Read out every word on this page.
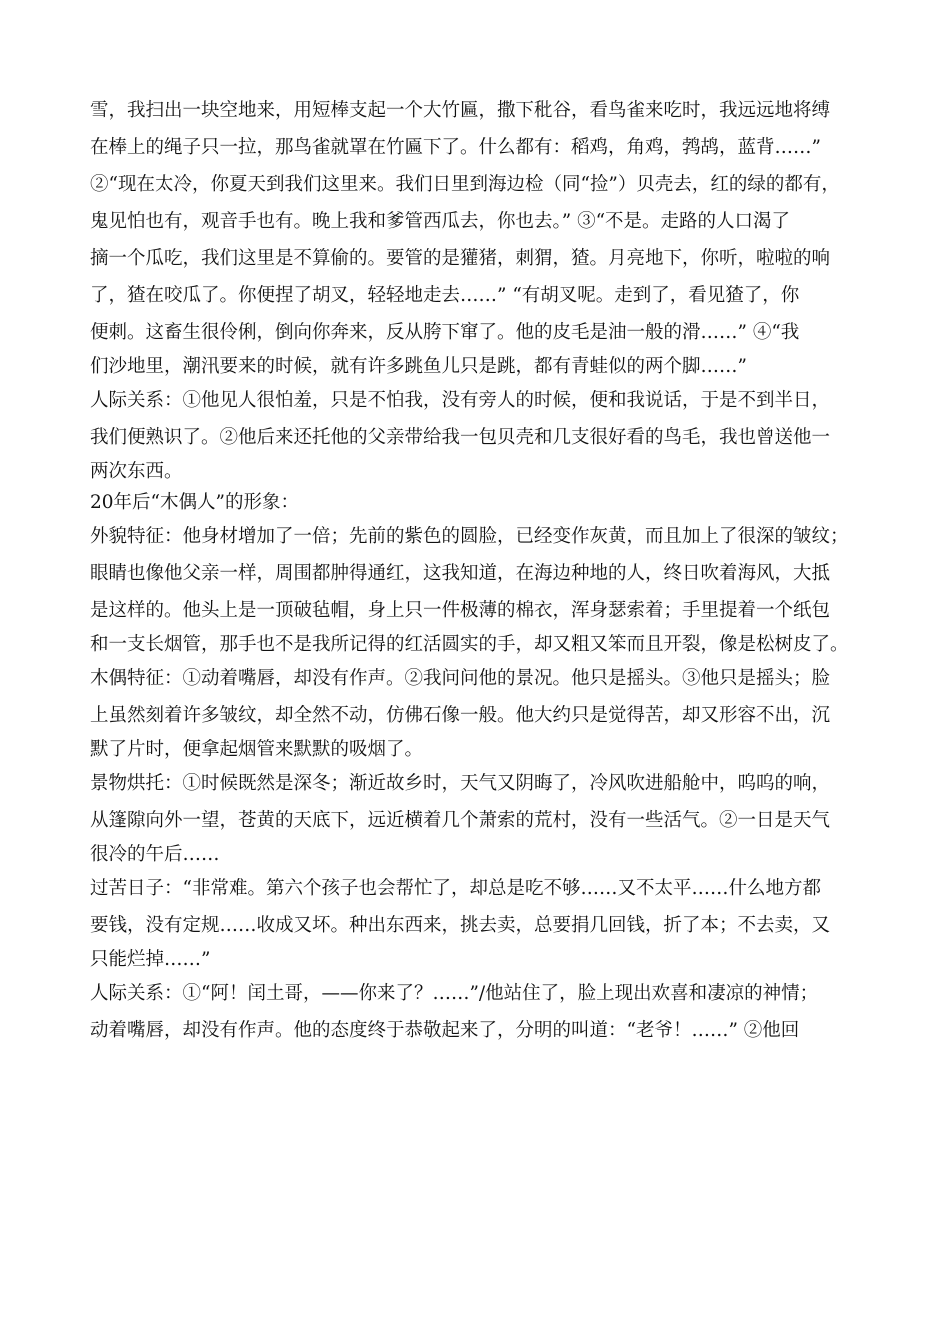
雪，我扫出一块空地来，用短棒支起一个大竹匾，撒下秕谷，看鸟雀来吃时，我远远地将缚
在棒上的绳子只一拉，那鸟雀就罩在竹匾下了。什么都有：稻鸡，角鸡，鹁鸪，蓝背……”
②“现在太冷，你夏天到我们这里来。我们日里到海边检（同“捡”）贝壳去，红的绿的都有，
鬼见怕也有，观音手也有。晚上我和爹管西瓜去，你也去。” ③“不是。走路的人口渴了
摘一个瓜吃，我们这里是不算偷的。要管的是獾猪，刺猬，猹。月亮地下，你听，啦啦的响
了，猹在咬瓜了。你便捏了胡叉，轻轻地走去……” “有胡叉呢。走到了，看见猹了，你
便刺。这畜生很伶俐，倒向你奔来，反从胯下窜了。他的皮毛是油一般的滑……” ④“我
们沙地里，潮汛要来的时候，就有许多跳鱼儿只是跳，都有青蛙似的两个脚……”
人际关系：①他见人很怕羞，只是不怕我，没有旁人的时候，便和我说话，于是不到半日，
我们便熟识了。②他后来还托他的父亲带给我一包贝壳和几支很好看的鸟毛，我也曾送他一
两次东西。
20年后“木偶人”的形象：
外貌特征：他身材增加了一倍；先前的紫色的圆脸，已经变作灰黄，而且加上了很深的皱纹；
眼睛也像他父亲一样，周围都肿得通红，这我知道，在海边种地的人，终日吹着海风，大抵
是这样的。他头上是一顶破毡帽，身上只一件极薄的棉衣，浑身瑟索着；手里提着一个纸包
和一支长烟管，那手也不是我所记得的红活圆实的手，却又粗又笨而且开裂，像是松树皮了。
木偶特征：①动着嘴唇，却没有作声。②我问问他的景况。他只是摇头。③他只是摇头；脸
上虽然刻着许多皱纹，却全然不动，仿佛石像一般。他大约只是觉得苦，却又形容不出，沉
默了片时，便拿起烟管来默默的吸烟了。
景物烘托：①时候既然是深冬；渐近故乡时，天气又阴晦了，冷风吹进船舱中，呜呜的响，
从篷隙向外一望，苍黄的天底下，远近横着几个萧索的荒村，没有一些活气。②一日是天气
很冷的午后……
过苦日子：“非常难。第六个孩子也会帮忙了，却总是吃不够……又不太平……什么地方都
要钱，没有定规……收成又坏。种出东西来，挑去卖，总要捐几回钱，折了本；不去卖，又
只能烂掉……”
人际关系：①“阿！闰土哥，——你来了？……”/他站住了，脸上现出欢喜和凄凉的神情；
动着嘴唇，却没有作声。他的态度终于恭敬起来了，分明的叫道：“老爷！……” ②他回
